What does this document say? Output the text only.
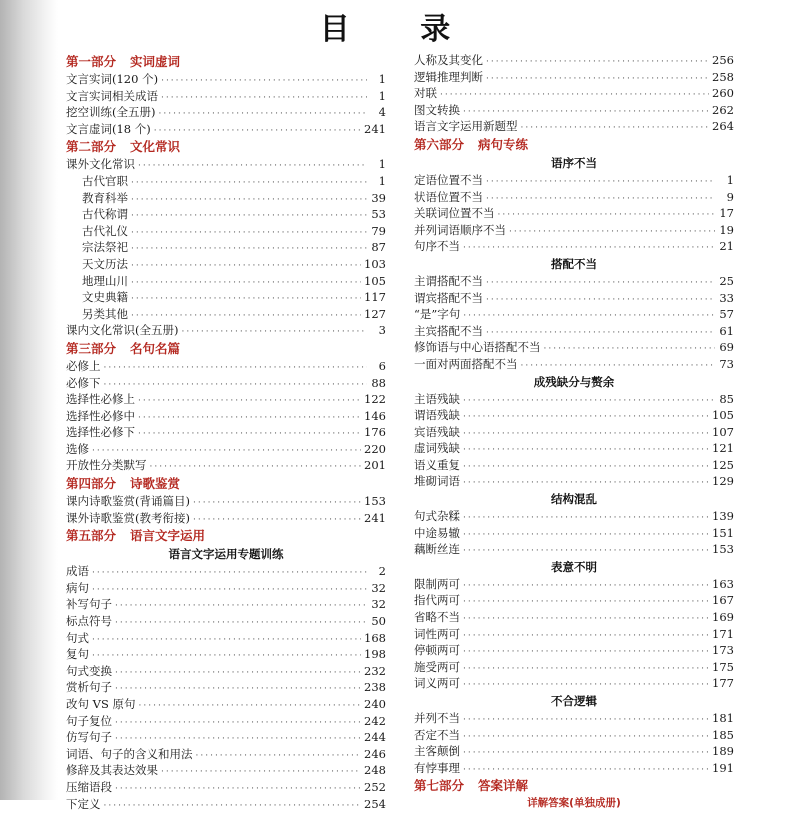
目 录
第一部分 实词虚词
文言实词(120 个) ·····	1
文言实词相关成语 ·····	1
挖空训练(全五册) ·····	4
文言虚词(18 个) ·····	241
第二部分 文化常识
课外文化常识 ·····	1
古代官职 ·····	1
教育科举 ·····	39
古代称谓 ·····	53
古代礼仪 ·····	79
宗法祭祀 ·····	87
天文历法 ·····	103
地理山川 ·····	105
文史典籍 ·····	117
另类其他 ·····	127
课内文化常识(全五册) ·····	3
第三部分 名句名篇
必修上 ·····	6
必修下 ·····	88
选择性必修上 ·····	122
选择性必修中 ·····	146
选择性必修下 ·····	176
选修 ·····	220
开放性分类默写 ·····	201
第四部分 诗歌鉴赏
课内诗歌鉴赏(背诵篇目) ·····	153
课外诗歌鉴赏(教考衔接) ·····	241
第五部分 语言文字运用
语言文字运用专题训练
成语 ·····	2
病句 ·····	32
补写句子 ·····	32
标点符号 ·····	50
句式 ·····	168
复句 ·····	198
句式变换 ·····	232
赏析句子 ·····	238
改句 VS 原句 ·····	240
句子复位 ·····	242
仿写句子 ·····	244
词语、句子的含义和用法 ·····	246
修辞及其表达效果 ·····	248
压缩语段 ·····	252
下定义 ·····	254
人称及其变化 ·····	256
逻辑推理判断 ·····	258
对联 ·····	260
图文转换 ·····	262
语言文字运用新题型 ·····	264
第六部分 病句专练
语序不当
定语位置不当 ·····	1
状语位置不当 ·····	9
关联词位置不当 ·····	17
并列词语顺序不当 ·····	19
句序不当 ·····	21
搭配不当
主谓搭配不当 ·····	25
谓宾搭配不当 ·····	33
“是”字句 ·····	57
主宾搭配不当 ·····	61
修饰语与中心语搭配不当 ·····	69
一面对两面搭配不当 ·····	73
成残缺分与赘余
主语残缺 ·····	85
谓语残缺 ·····	105
宾语残缺 ·····	107
虚词残缺 ·····	121
语义重复 ·····	125
堆砌词语 ·····	129
结构混乱
句式杂糅 ·····	139
中途易辙 ·····	151
藕断丝连 ·····	153
表意不明
限制两可 ·····	163
指代两可 ·····	167
省略不当 ·····	169
词性两可 ·····	171
停顿两可 ·····	173
施受两可 ·····	175
词义两可 ·····	177
不合逻辑
并列不当 ·····	181
否定不当 ·····	185
主客颠倒 ·····	189
有悖事理 ·····	191
第七部分 答案详解
详解答案(单独成册)
